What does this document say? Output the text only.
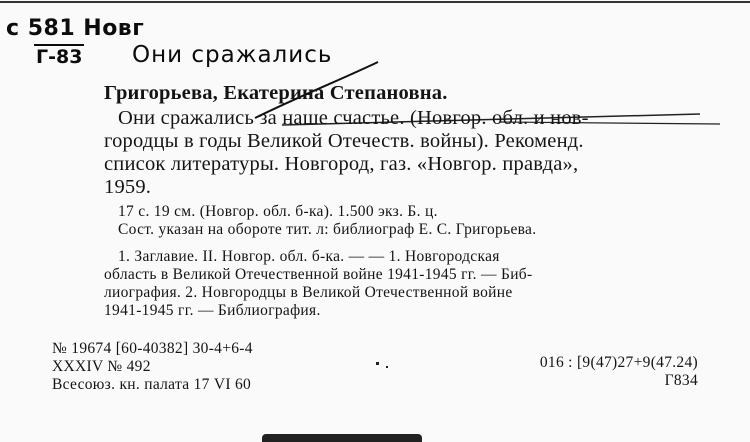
с 581 Новг
Г-83 Они сражались
Григорьева, Екатерина Степановна.
Они сражались за наше счастье. (Новгор. обл. и нов-
городцы в годы Великой Отечеств. войны). Рекоменд.
список литературы. Новгород, газ. «Новгор. правда»,
1959.
17 с. 19 см. (Новгор. обл. б-ка). 1.500 экз. Б. ц.
Сост. указан на обороте тит. л: библиограф Е. С. Григорьева.
1. Заглавие. II. Новгор. обл. б-ка. — — 1. Новгородская
область в Великой Отечественной войне 1941-1945 гг. — Биб-
лиография. 2. Новгородцы в Великой Отечественной войне
1941-1945 гг. — Библиография.
№ 19674 [60-40382] 30-4+6-4
XXXIV № 492
Всесоюз. кн. палата 17 VI 60
016 : [9(47)27+9(47.24)
Г834
